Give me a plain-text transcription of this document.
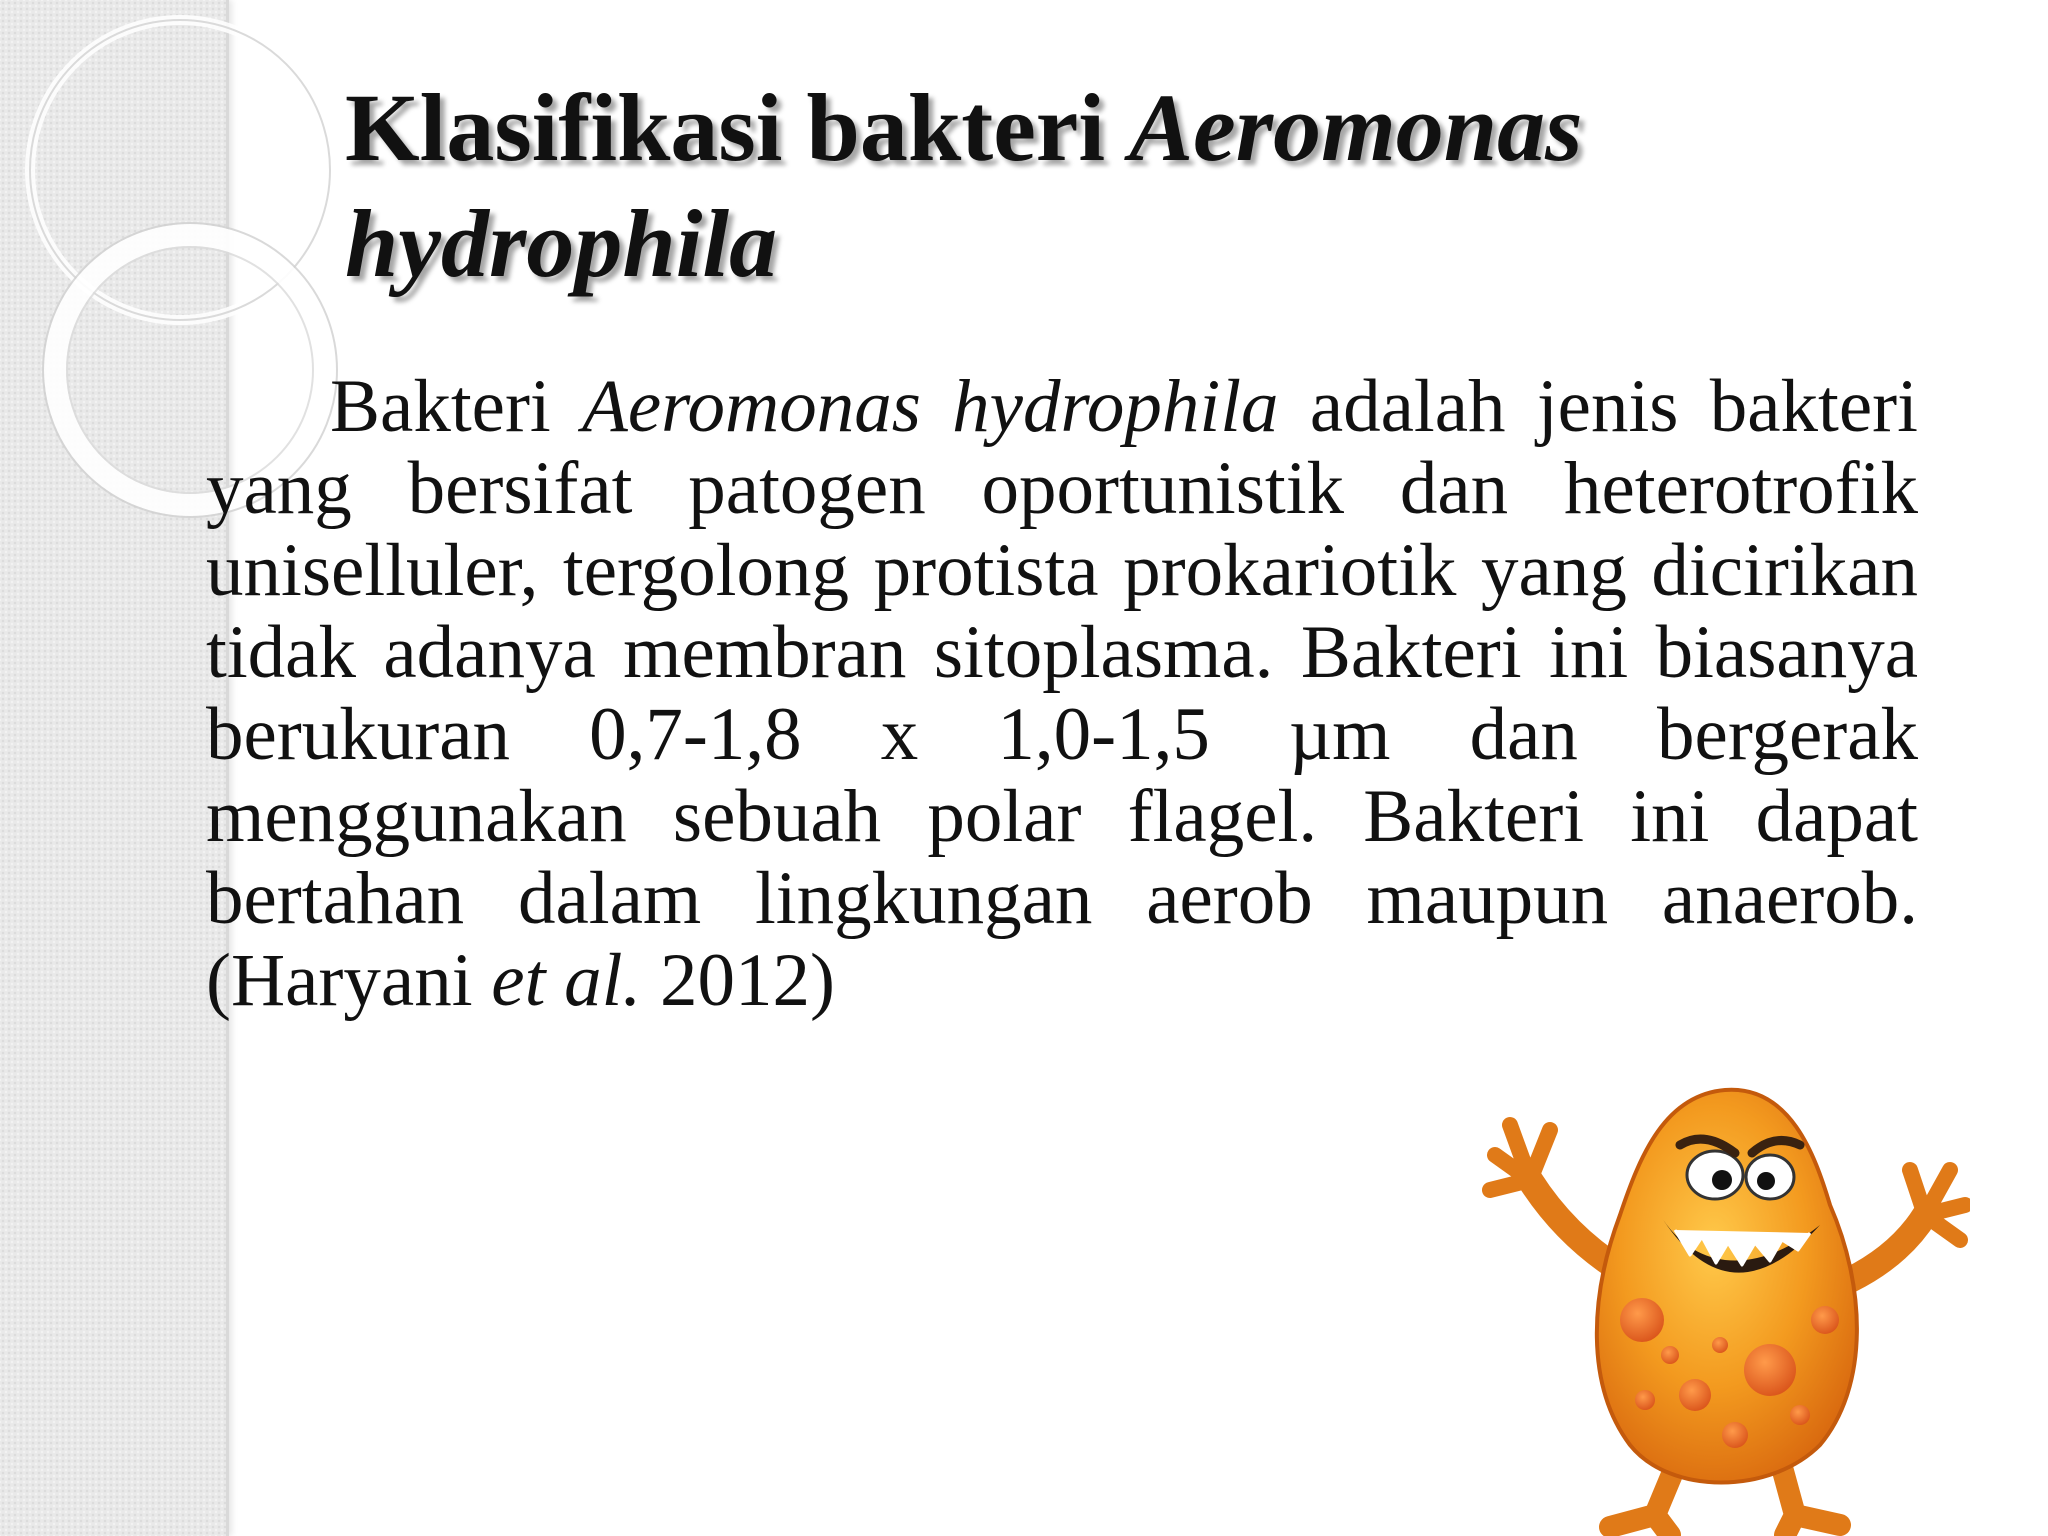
Klasifikasi bakteri Aeromonas hydrophila

Bakteri Aeromonas hydrophila adalah jenis bakteri yang bersifat patogen oportunistik dan heterotrofik uniselluler, tergolong protista prokariotik yang dicirikan tidak adanya membran sitoplasma. Bakteri ini biasanya berukuran 0,7-1,8 x 1,0-1,5 µm dan bergerak menggunakan sebuah polar flagel. Bakteri ini dapat bertahan dalam lingkungan aerob maupun anaerob. (Haryani et al. 2012)
